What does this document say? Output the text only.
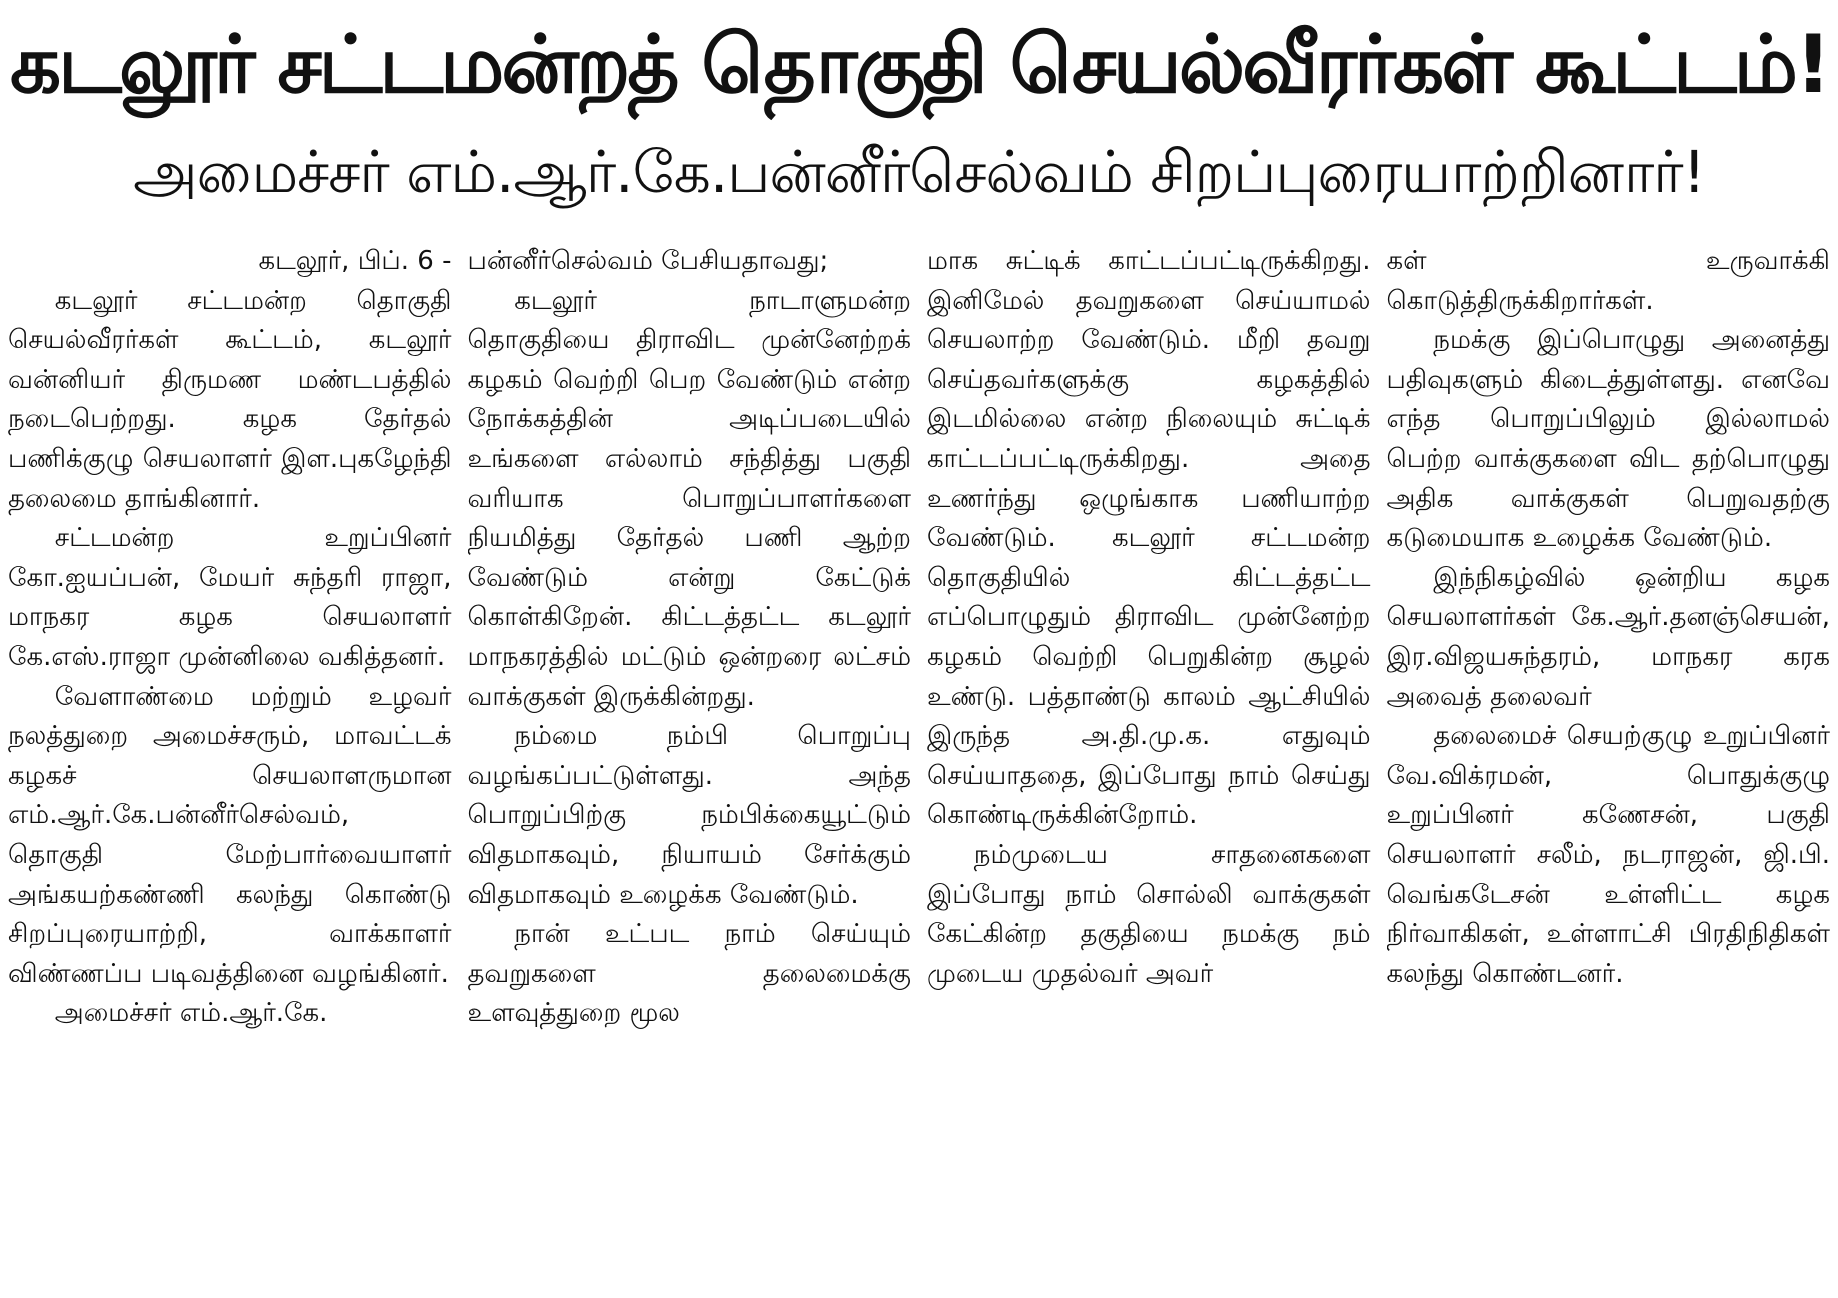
கடலூர் சட்டமன்றத் தொகுதி செயல்வீரர்கள் கூட்டம்!
அமைச்சர் எம்.ஆர்.கே.பன்னீர்செல்வம் சிறப்புரையாற்றினார்!

கடலூர், பிப். 6 -

கடலூர் சட்டமன்ற தொகுதி செயல்வீரர்கள் கூட்டம், கடலூர் வன்னியர் திருமண மண்டபத்தில் நடைபெற்றது. கழக தேர்தல் பணிக்குழு செயலாளர் இள.புகழேந்தி தலைமை தாங்கினார்.

சட்டமன்ற உறுப்பினர் கோ.ஐயப்பன், மேயர் சுந்தரி ராஜா, மாநகர கழக செயலாளர் கே.எஸ்.ராஜா முன்னிலை வகித்தனர்.

வேளாண்மை மற்றும் உழவர் நலத்துறை அமைச்சரும், மாவட்டக் கழகச் செயலாளருமான எம்.ஆர்.கே.பன்னீர்செல்வம், தொகுதி மேற்பார்வையாளர் அங்கயற்கண்ணி கலந்து கொண்டு சிறப்புரையாற்றி, வாக்காளர் விண்ணப்ப படிவத்தினை வழங்கினர்.

அமைச்சர் எம்.ஆர்.கே.

பன்னீர்செல்வம் பேசியதாவது;

கடலூர் நாடாளுமன்ற தொகுதியை திராவிட முன்னேற்றக் கழகம் வெற்றி பெற வேண்டும் என்ற நோக்கத்தின் அடிப்படையில் உங்களை எல்லாம் சந்தித்து பகுதி வரியாக பொறுப்பாளர்களை நியமித்து தேர்தல் பணி ஆற்ற வேண்டும் என்று கேட்டுக் கொள்கிறேன். கிட்டத்தட்ட கடலூர் மாநகரத்தில் மட்டும் ஒன்றரை லட்சம் வாக்குகள் இருக்கின்றது.

நம்மை நம்பி பொறுப்பு வழங்கப்பட்டுள்ளது. அந்த பொறுப்பிற்கு நம்பிக்கையூட்டும் விதமாகவும், நியாயம் சேர்க்கும் விதமாகவும் உழைக்க வேண்டும்.

நான் உட்பட நாம் செய்யும் தவறுகளை தலைமைக்கு உளவுத்துறை மூல

மாக சுட்டிக் காட்டப்பட்டிருக்கிறது. இனிமேல் தவறுகளை செய்யாமல் செயலாற்ற வேண்டும். மீறி தவறு செய்தவர்களுக்கு கழகத்தில் இடமில்லை என்ற நிலையும் சுட்டிக் காட்டப்பட்டிருக்கிறது. அதை உணர்ந்து ஒழுங்காக பணியாற்ற வேண்டும். கடலூர் சட்டமன்ற தொகுதியில் கிட்டத்தட்ட எப்பொழுதும் திராவிட முன்னேற்ற கழகம் வெற்றி பெறுகின்ற சூழல் உண்டு. பத்தாண்டு காலம் ஆட்சியில் இருந்த அ.தி.மு.க. எதுவும் செய்யாததை, இப்போது நாம் செய்து கொண்டிருக்கின்றோம்.

நம்முடைய சாதனைகளை இப்போது நாம் சொல்லி வாக்குகள் கேட்கின்ற தகுதியை நமக்கு நம் முடைய முதல்வர் அவர்

கள் உருவாக்கி கொடுத்திருக்கிறார்கள்.

நமக்கு இப்பொழுது அனைத்து பதிவுகளும் கிடைத்துள்ளது. எனவே எந்த பொறுப்பிலும் இல்லாமல் பெற்ற வாக்குகளை விட தற்பொழுது அதிக வாக்குகள் பெறுவதற்கு கடுமையாக உழைக்க வேண்டும்.

இந்நிகழ்வில் ஒன்றிய கழக செயலாளர்கள் கே.ஆர்.தனஞ்செயன், இர.விஜயசுந்தரம், மாநகர கரக அவைத் தலைவர்

தலைமைச் செயற்குழு உறுப்பினர் வே.விக்ரமன், பொதுக்குழு உறுப்பினர் கணேசன், பகுதி செயலாளர் சலீம், நடராஜன், ஜி.பி. வெங்கடேசன் உள்ளிட்ட கழக நிர்வாகிகள், உள்ளாட்சி பிரதிநிதிகள் கலந்து கொண்டனர்.
